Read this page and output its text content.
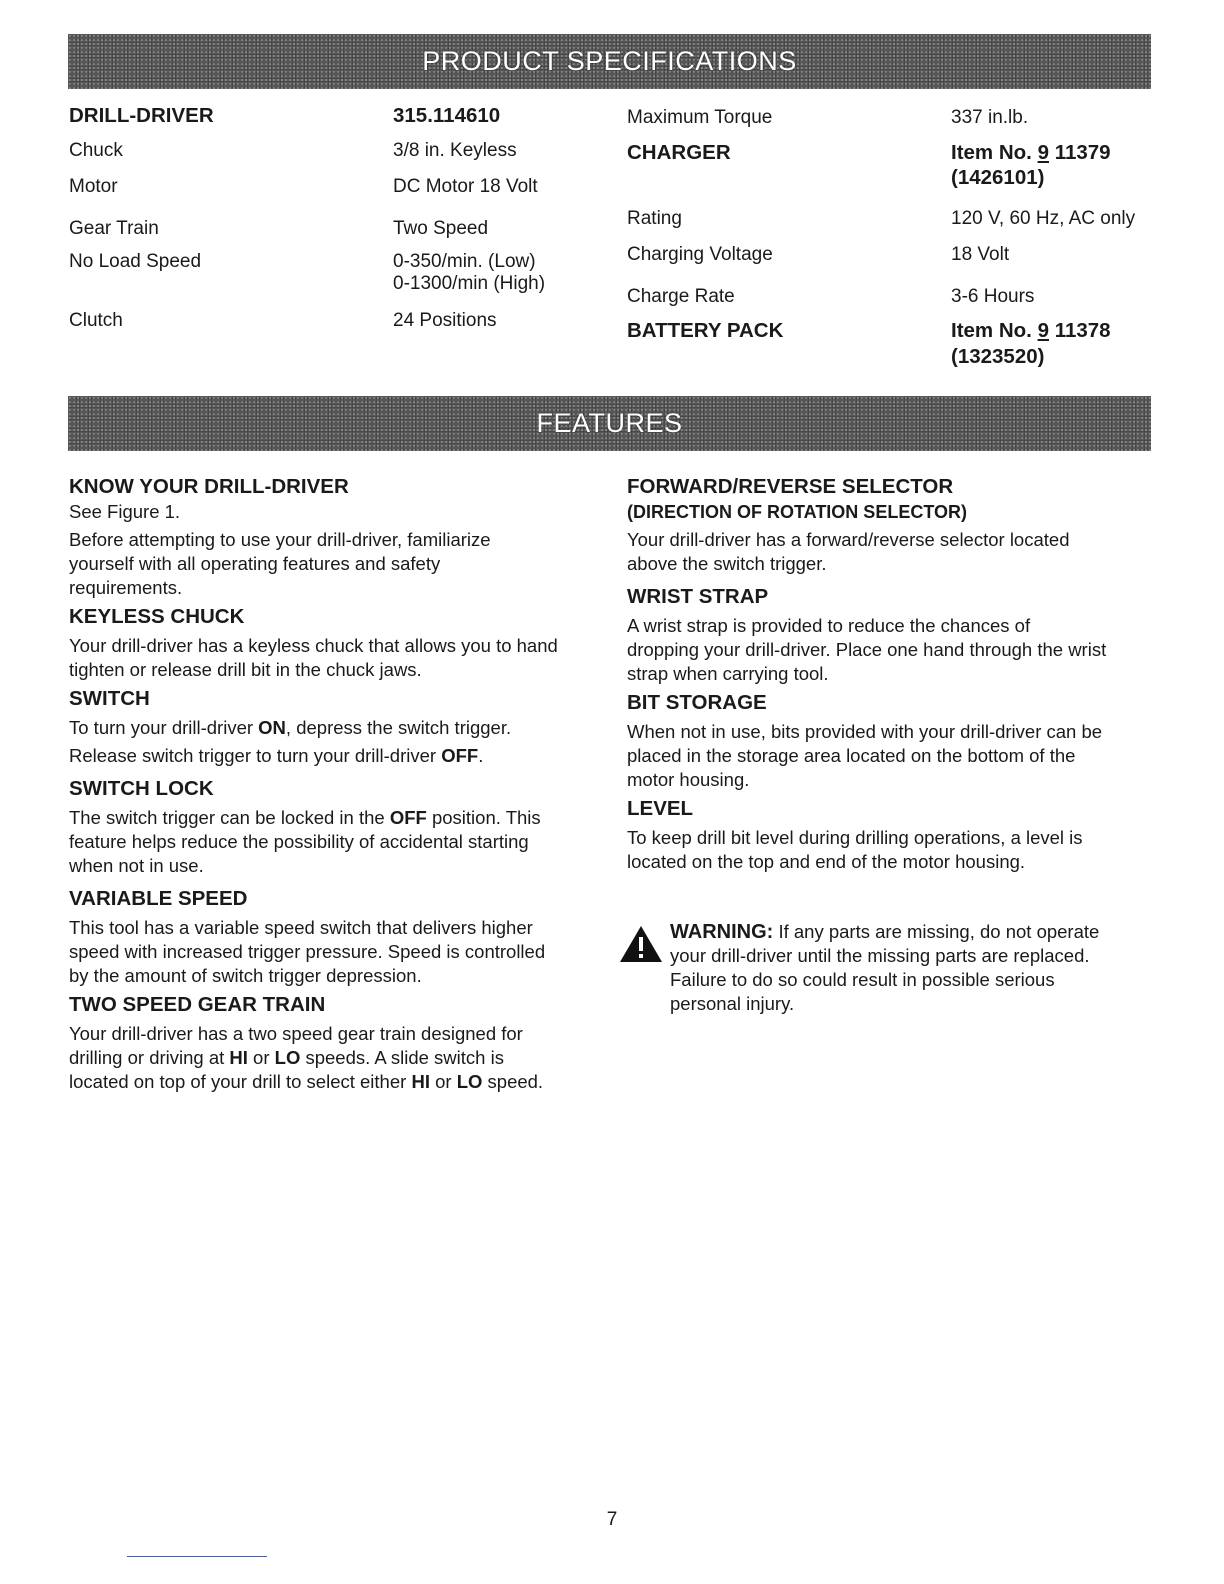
PRODUCT SPECIFICATIONS
DRILL-DRIVER
Chuck
Motor
Gear Train
No Load Speed
Clutch
315.114610
3/8 in. Keyless
DC Motor 18 Volt
Two Speed
0-350/min. (Low)
0-1300/min (High)
24 Positions
Maximum Torque
CHARGER
Rating
Charging Voltage
Charge Rate
BATTERY PACK
337 in.lb.
Item No. 9 11379
(1426101)
120 V, 60 Hz, AC only
18 Volt
3-6 Hours
Item No. 9 11378
(1323520)
FEATURES

KNOW YOUR DRILL-DRIVER

See Figure 1.

Before attempting to use your drill-driver, familiarize

yourself with all operating features and safety

requirements.

KEYLESS CHUCK

Your drill-driver has a keyless chuck that allows you to hand

tighten or release drill bit in the chuck jaws.

SWITCH

To turn your drill-driver ON, depress the switch trigger.

Release switch trigger to turn your drill-driver OFF.

SWITCH LOCK

The switch trigger can be locked in the OFF position. This

feature helps reduce the possibility of accidental starting

when not in use.

VARIABLE SPEED

This tool has a variable speed switch that delivers higher

speed with increased trigger pressure. Speed is controlled

by the amount of switch trigger depression.

TWO SPEED GEAR TRAIN

Your drill-driver has a two speed gear train designed for

drilling or driving at HI or LO speeds. A slide switch is

located on top of your drill to select either HI or LO speed.

FORWARD/REVERSE SELECTOR

(DIRECTION OF ROTATION SELECTOR)

Your drill-driver has a forward/reverse selector located

above the switch trigger.

WRIST STRAP

A wrist strap is provided to reduce the chances of

dropping your drill-driver. Place one hand through the wrist

strap when carrying tool.

BIT STORAGE

When not in use, bits provided with your drill-driver can be

placed in the storage area located on the bottom of the

motor housing.

LEVEL

To keep drill bit level during drilling operations, a level is

located on the top and end of the motor housing.

WARNING: If any parts are missing, do not operate
your drill-driver until the missing parts are replaced.
Failure to do so could result in possible serious
personal injury.
7
